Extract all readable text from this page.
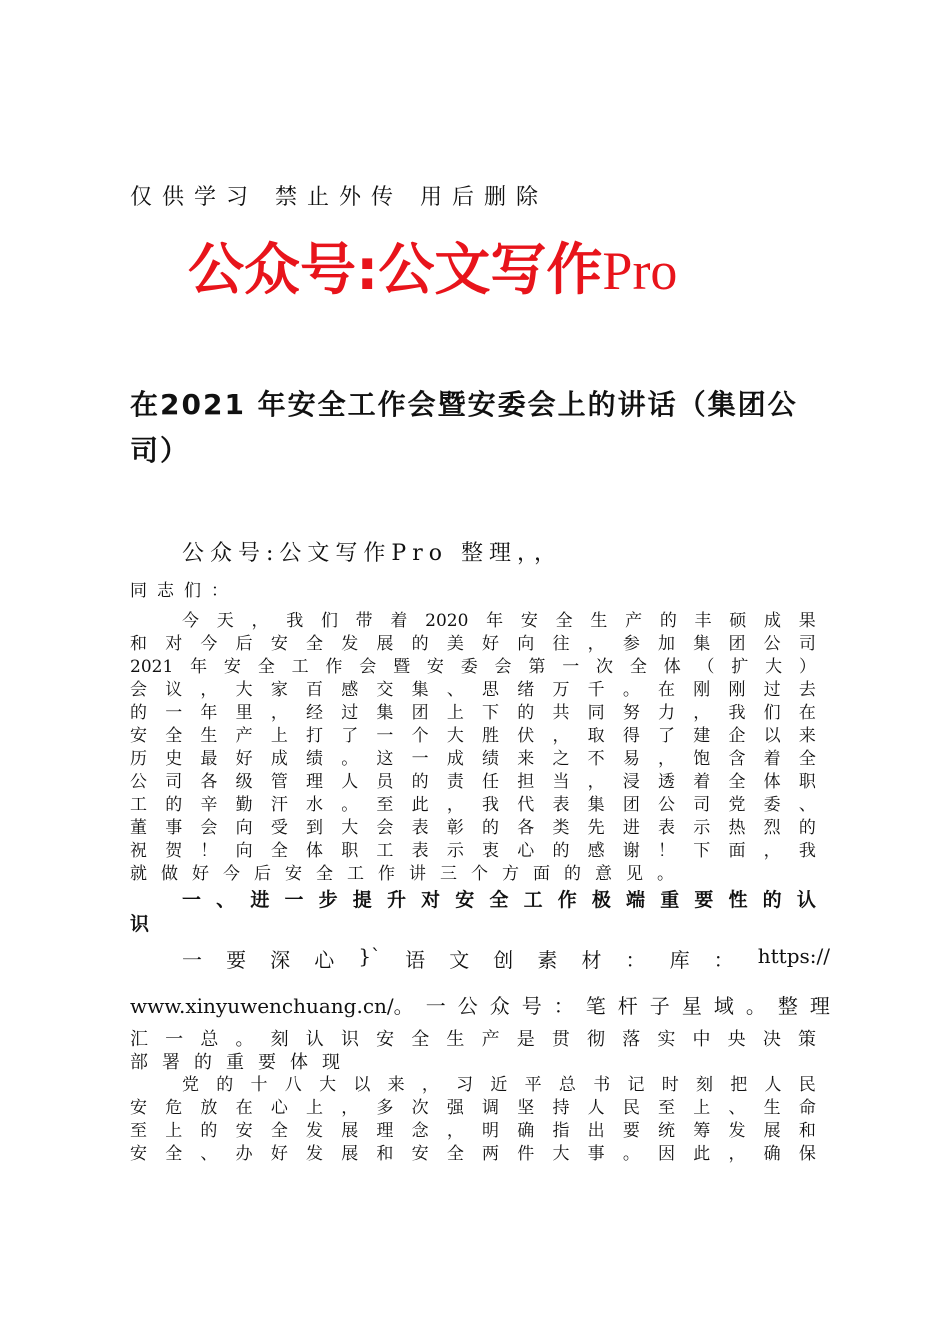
仅供学习 禁止外传 用后删除
公众号:公文写作Pro
在2021 年安全工作会暨安委会上的讲话（集团公司）
公众号:公文写作Pro 整理，，
同志们：
今 天 ， 我 们 带 着 2020 年 安 全 生 产 的 丰 硕 成 果
和 对 今 后 安 全 发 展 的 美 好 向 往 ， 参 加 集 团 公 司
2021 年 安 全 工 作 会 暨 安 委 会 第 一 次 全 体 （ 扩 大 ）
会 议 ， 大 家 百 感 交 集 、 思 绪 万 千 。 在 刚 刚 过 去
的 一 年 里 ， 经 过 集 团 上 下 的 共 同 努 力 ， 我 们 在
安 全 生 产 上 打 了 一 个 大 胜 伏 ， 取 得 了 建 企 以 来
历 史 最 好 成 绩 。 这 一 成 绩 来 之 不 易 ， 饱 含 着 全
公 司 各 级 管 理 人 员 的 责 任 担 当 ， 浸 透 着 全 体 职
工 的 辛 勤 汗 水 。 至 此 ， 我 代 表 集 团 公 司 党 委 、
董 事 会 向 受 到 大 会 表 彰 的 各 类 先 进 表 示 热 烈 的
祝 贺 ！ 向 全 体 职 工 表 示 衷 心 的 感 谢 ！ 下 面 ， 我
就 做 好 今 后 安 全 工 作 讲 三 个 方 面 的 意 见 。
一 、 进 一 步 提 升 对 安 全 工 作 极 端 重 要 性 的 认
识
一 要 深 心 }` 语 文 创 素 材 ： 库 ： https://
www.xinyuwenchuang.cn/。 一 公 众 号 ： 笔 杆 子 星 域 。 整 理
汇 一 总 。 刻 认 识 安 全 生 产 是 贯 彻 落 实 中 央 决 策
部 署 的 重 要 体 现
党 的 十 八 大 以 来 ， 习 近 平 总 书 记 时 刻 把 人 民
安 危 放 在 心 上 ， 多 次 强 调 坚 持 人 民 至 上 、 生 命
至 上 的 安 全 发 展 理 念 ， 明 确 指 出 要 统 筹 发 展 和
安 全 、 办 好 发 展 和 安 全 两 件 大 事 。 因 此 ， 确 保
